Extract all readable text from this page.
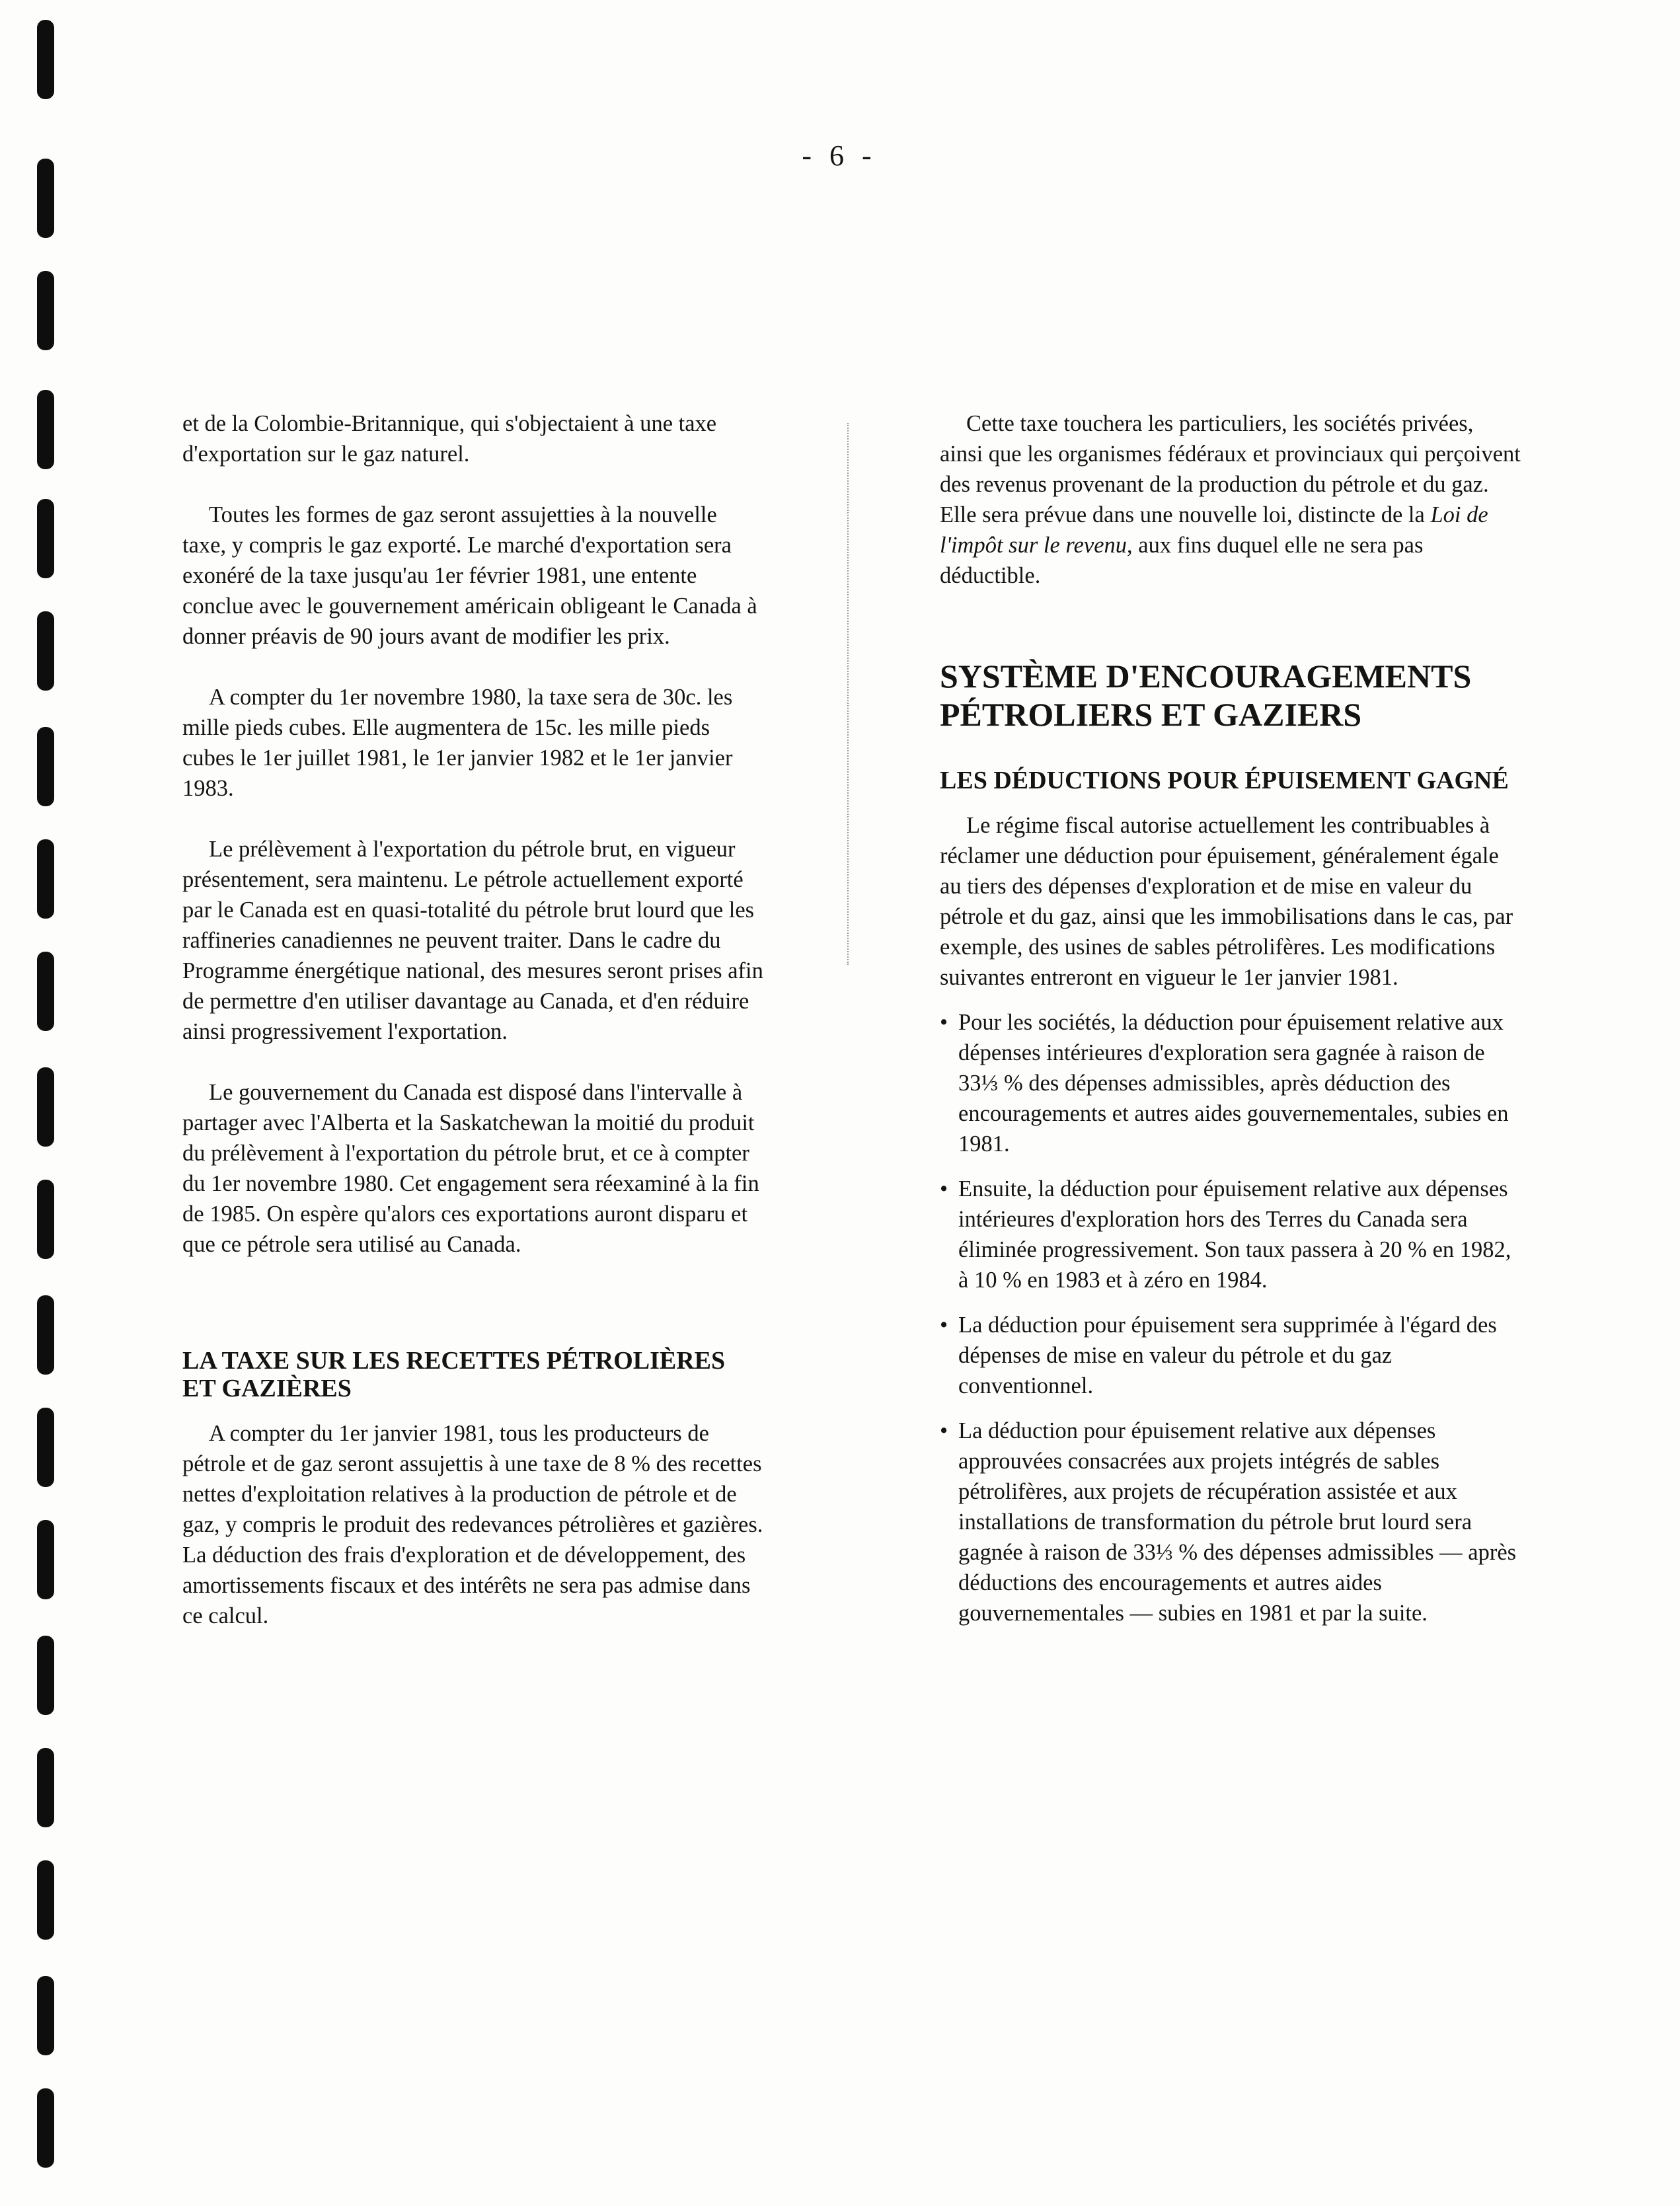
- 6 -

et de la Colombie-Britannique, qui s'objectaient à une taxe d'exportation sur le gaz naturel.

Toutes les formes de gaz seront assujetties à la nouvelle taxe, y compris le gaz exporté. Le marché d'exportation sera exonéré de la taxe jusqu'au 1er février 1981, une entente conclue avec le gouvernement américain obligeant le Canada à donner préavis de 90 jours avant de modifier les prix.

A compter du 1er novembre 1980, la taxe sera de 30c. les mille pieds cubes. Elle augmentera de 15c. les mille pieds cubes le 1er juillet 1981, le 1er janvier 1982 et le 1er janvier 1983.

Le prélèvement à l'exportation du pétrole brut, en vigueur présentement, sera maintenu. Le pétrole actuellement exporté par le Canada est en quasi-totalité du pétrole brut lourd que les raffineries canadiennes ne peuvent traiter. Dans le cadre du Programme énergétique national, des mesures seront prises afin de permettre d'en utiliser davantage au Canada, et d'en réduire ainsi progressivement l'exportation.

Le gouvernement du Canada est disposé dans l'intervalle à partager avec l'Alberta et la Saskatchewan la moitié du produit du prélèvement à l'exportation du pétrole brut, et ce à compter du 1er novembre 1980. Cet engagement sera réexaminé à la fin de 1985. On espère qu'alors ces exportations auront disparu et que ce pétrole sera utilisé au Canada.

LA TAXE SUR LES RECETTES PÉTROLIÈRES ET GAZIÈRES

A compter du 1er janvier 1981, tous les producteurs de pétrole et de gaz seront assujettis à une taxe de 8 % des recettes nettes d'exploitation relatives à la production de pétrole et de gaz, y compris le produit des redevances pétrolières et gazières. La déduction des frais d'exploration et de développement, des amortissements fiscaux et des intérêts ne sera pas admise dans ce calcul.

Cette taxe touchera les particuliers, les sociétés privées, ainsi que les organismes fédéraux et provinciaux qui perçoivent des revenus provenant de la production du pétrole et du gaz. Elle sera prévue dans une nouvelle loi, distincte de la Loi de l'impôt sur le revenu, aux fins duquel elle ne sera pas déductible.

SYSTÈME D'ENCOURAGEMENTS PÉTROLIERS ET GAZIERS
LES DÉDUCTIONS POUR ÉPUISEMENT GAGNÉ

Le régime fiscal autorise actuellement les contribuables à réclamer une déduction pour épuisement, généralement égale au tiers des dépenses d'exploration et de mise en valeur du pétrole et du gaz, ainsi que les immobilisations dans le cas, par exemple, des usines de sables pétrolifères. Les modifications suivantes entreront en vigueur le 1er janvier 1981.

• Pour les sociétés, la déduction pour épuisement relative aux dépenses intérieures d'exploration sera gagnée à raison de 33⅓ % des dépenses admissibles, après déduction des encouragements et autres aides gouvernementales, subies en 1981.
• Ensuite, la déduction pour épuisement relative aux dépenses intérieures d'exploration hors des Terres du Canada sera éliminée progressivement. Son taux passera à 20 % en 1982, à 10 % en 1983 et à zéro en 1984.
• La déduction pour épuisement sera supprimée à l'égard des dépenses de mise en valeur du pétrole et du gaz conventionnel.
• La déduction pour épuisement relative aux dépenses approuvées consacrées aux projets intégrés de sables pétrolifères, aux projets de récupération assistée et aux installations de transformation du pétrole brut lourd sera gagnée à raison de 33⅓ % des dépenses admissibles — après déductions des encouragements et autres aides gouvernementales — subies en 1981 et par la suite.
